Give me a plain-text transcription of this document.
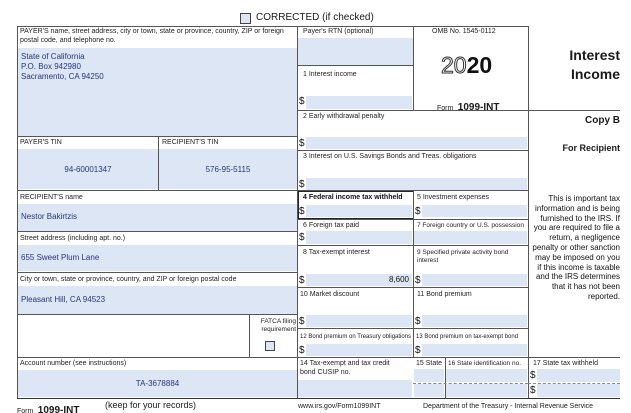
CORRECTED (if checked)
PAYER'S name, street address, city or town, state or province, country, ZIP or foreign postal code, and telephone no.
State of California
P.O. Box 942980
Sacramento, CA 94250
Payer's RTN (optional)	OMB No. 1545-0112
2020
Form 1099-INT
1 Interest income
$
Interest
Income
2 Early withdrawal penalty
$
Copy B
For Recipient
PAYER'S TIN	RECIPIENT'S TIN
94-60001347	576-95-5115
3 Interest on U.S. Savings Bonds and Treas. obligations
$
RECIPIENT'S name
Nestor Bakirtzis
4 Federal income tax withheld
$
5 Investment expenses
$
This is important tax information and is being furnished to the IRS. If you are required to file a return, a negligence penalty or other sanction may be imposed on you if this income is taxable and the IRS determines that it has not been reported.
Street address (including apt. no.)
655 Sweet Plum Lane
6 Foreign tax paid
$
7 Foreign country or U.S. possession
8 Tax-exempt interest
$	8,600
9 Specified private activity bond interest
$
City or town, state or province, country, and ZIP or foreign postal code
Pleasant Hill, CA 94523
10 Market discount
$
11 Bond premium
$
FATCA filing requirement
12 Bond premium on Treasury obligations
$
13 Bond premium on tax-exempt bond
$
Account number (see instructions)
TA-3678884
14 Tax-exempt and tax credit bond CUSIP no.
15 State 16 State identification no. 17 State tax withheld
$
$
Form 1099-INT	(keep for your records)	www.irs.gov/Form1099INT	Department of the Treasury - Internal Revenue Service
